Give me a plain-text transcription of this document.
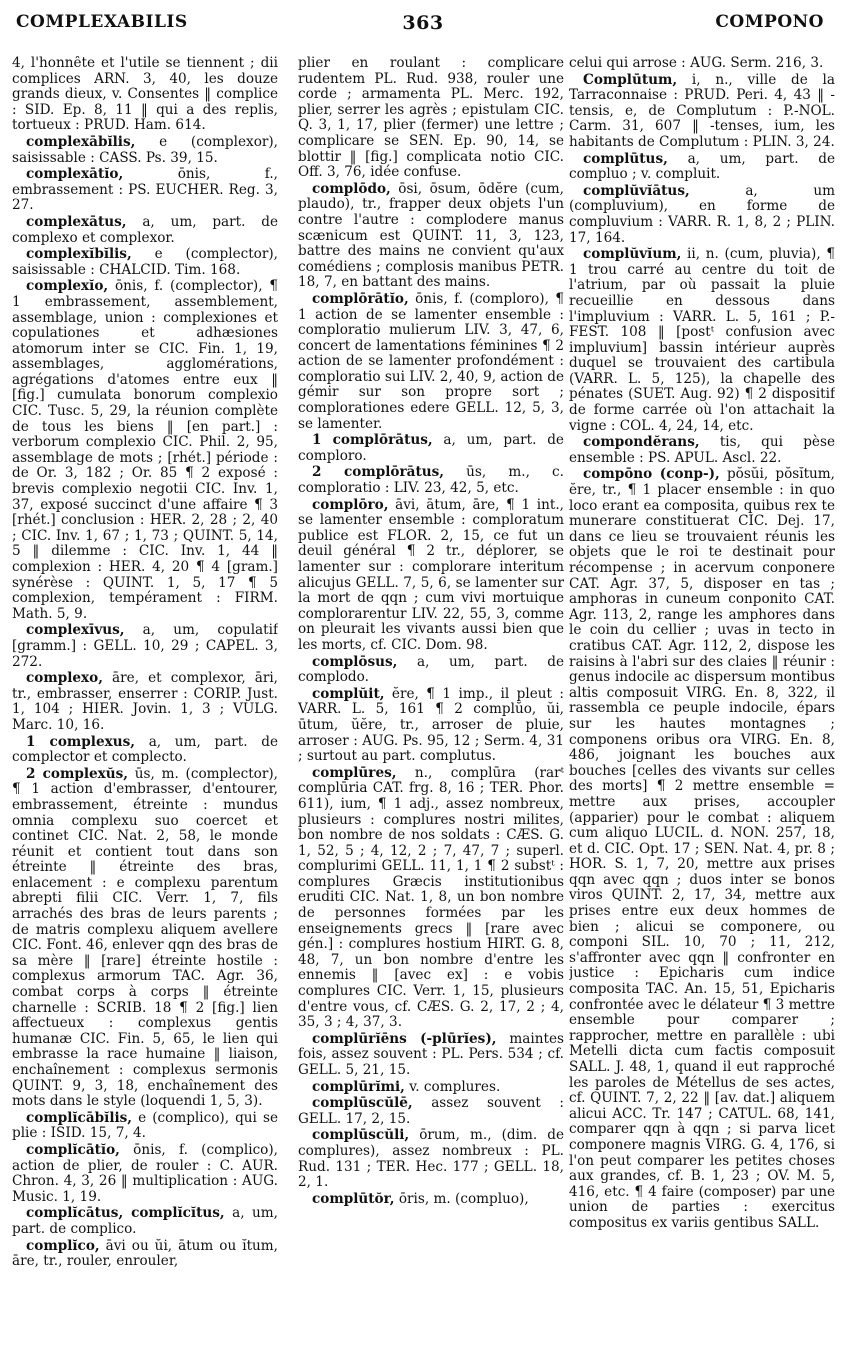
363
COMPLEXABILIS	COMPONO

4, l'honnête et l'utile se tiennent ; dii complices ARN. 3, 40, les douze grands dieux, v. Consentes ‖ complice : SID. Ep. 8, 11 ‖ qui a des replis, tortueux : PRUD. Ham. 614.

complexābĭlis, e (complexor), saisissable : CASS. Ps. 39, 15.

complexātĭo,	ōnis, f., embrassement : PS. EUCHER. Reg. 3, 27.

complexātus, a, um, part. de complexo et complexor.

complexĭbĭlis, e (complector), saisissable : CHALCID. Tim. 168.

complexĭo, ōnis, f. (complector), ¶ 1 embrassement, assemblement, assemblage, union : complexiones et copulationes et adhæsiones atomorum inter se CIC. Fin. 1, 19, assemblages, agglomérations, agrégations d'atomes entre eux ‖ [fig.] cumulata bonorum complexio CIC. Tusc. 5, 29, la réunion complète de tous les biens ‖ [en part.] : verborum complexio CIC. Phil. 2, 95, assemblage de mots ; [rhét.] période : de Or. 3, 182 ; Or. 85 ¶ 2 exposé : brevis complexio negotii CIC. Inv. 1, 37, exposé succinct d'une affaire ¶ 3 [rhét.] conclusion : HER. 2, 28 ; 2, 40 ; CIC. Inv. 1, 67 ; 1, 73 ; QUINT. 5, 14, 5 ‖ dilemme : CIC. Inv. 1, 44 ‖ complexion : HER. 4, 20 ¶ 4 [gram.] synérèse : QUINT. 1, 5, 17 ¶ 5 complexion, tempérament : FIRM. Math. 5, 9.

complexīvus, a, um, copulatif [gramm.] : GELL. 10, 29 ; CAPEL. 3, 272.

complexo, āre, et complexor, āri, tr., embrasser, enserrer : CORIP. Just. 1, 104 ; HIER. Jovin. 1, 3 ; VULG. Marc. 10, 16.

1 complexus, a, um, part. de complector et complecto.

2 complexŭs, ūs, m. (complector), ¶ 1 action d'embrasser, d'entourer, embrassement, étreinte : mundus omnia complexu suo coercet et continet CIC. Nat. 2, 58, le monde réunit et contient tout dans son étreinte ‖ étreinte des bras, enlacement : e complexu parentum abrepti filii CIC. Verr. 1, 7, fils arrachés des bras de leurs parents ; de matris complexu aliquem avellere CIC. Font. 46, enlever qqn des bras de sa mère ‖ [rare] étreinte hostile : complexus armorum TAC. Agr. 36, combat corps à corps ‖ étreinte charnelle : SCRIB. 18 ¶ 2 [fig.] lien affectueux : complexus gentis humanæ CIC. Fin. 5, 65, le lien qui embrasse la race humaine ‖ liaison, enchaînement : complexus sermonis QUINT. 9, 3, 18, enchaînement des mots dans le style (loquendi 1, 5, 3).

complĭcābĭlis, e (complico), qui se plie : ISID. 15, 7, 4.

complĭcātĭo, ōnis, f. (complico), action de plier, de rouler : C. AUR. Chron. 4, 3, 26 ‖ multiplication : AUG. Music. 1, 19.

complĭcātus, complĭcĭtus, a, um, part. de complico.

complĭco, āvi ou ŭi, ātum ou ĭtum, āre, tr., rouler, enrouler,

plier en roulant : complicare rudentem PL. Rud. 938, rouler une corde ; armamenta PL. Merc. 192, plier, serrer les agrès ; epistulam CIC. Q. 3, 1, 17, plier (fermer) une lettre ; complicare se SEN. Ep. 90, 14, se blottir ‖ [fig.] complicata notio CIC. Off. 3, 76, idée confuse.

complōdo, ōsi, ōsum, ōdĕre (cum, plaudo), tr., frapper deux objets l'un contre l'autre : complodere manus scænicum est QUINT. 11, 3, 123, battre des mains ne convient qu'aux comédiens ; complosis manibus PETR. 18, 7, en battant des mains.

complōrātĭo, ōnis, f. (comploro), ¶ 1 action de se lamenter ensemble : comploratio mulierum LIV. 3, 47, 6, concert de lamentations féminines ¶ 2 action de se lamenter profondément : comploratio sui LIV. 2, 40, 9, action de gémir sur son propre sort ; complorationes edere GELL. 12, 5, 3, se lamenter.

1 complōrātus, a, um, part. de comploro.

2 complōrātus, ūs, m., c. comploratio : LIV. 23, 42, 5, etc.

complōro, āvi, ātum, āre, ¶ 1 int., se lamenter ensemble : comploratum publice est FLOR. 2, 15, ce fut un deuil général ¶ 2 tr., déplorer, se lamenter sur : complorare interitum alicujus GELL. 7, 5, 6, se lamenter sur la mort de qqn ; cum vivi mortuique complorarentur LIV. 22, 55, 3, comme on pleurait les vivants aussi bien que les morts, cf. CIC. Dom. 98.

complōsus, a, um, part. de complodo.

complŭit, ĕre, ¶ 1 imp., il pleut : VARR. L. 5, 161 ¶ 2 complŭo, ŭi, ūtum, ŭĕre, tr., arroser de pluie, arroser : AUG. Ps. 95, 12 ; Serm. 4, 31 ; surtout au part. complutus.

complūres, n., complūra (rarᵗ complūria CAT. frg. 8, 16 ; TER. Phor. 611), ium, ¶ 1 adj., assez nombreux, plusieurs : complures nostri milites, bon nombre de nos soldats : CÆS. G. 1, 52, 5 ; 4, 12, 2 ; 7, 47, 7 ; superl. complurimi GELL. 11, 1, 1 ¶ 2 substᵗ : complures Græcis institutionibus eruditi CIC. Nat. 1, 8, un bon nombre de personnes formées par les enseignements grecs ‖ [rare avec gén.] : complures hostium HIRT. G. 8, 48, 7, un bon nombre d'entre les ennemis ‖ [avec ex] : e vobis complures CIC. Verr. 1, 15, plusieurs d'entre vous, cf. CÆS. G. 2, 17, 2 ; 4, 35, 3 ; 4, 37, 3.

complūrĭēns (-plūrĭes), maintes fois, assez souvent : PL. Pers. 534 ; cf. GELL. 5, 21, 15.

complūrĭmi, v. complures.

complūscŭlē, assez souvent : GELL. 17, 2, 15.

complūscŭli, ōrum, m., (dim. de complures), assez nombreux : PL. Rud. 131 ; TER. Hec. 177 ; GELL. 18, 2, 1.

complūtŏr, ōris, m. (compluo),

celui qui arrose : AUG. Serm. 216, 3.

Complūtum, i, n., ville de la Tarraconnaise : PRUD. Peri. 4, 43 ‖ -tensis, e, de Complutum : P.-NOL. Carm. 31, 607 ‖ -tenses, ium, les habitants de Complutum : PLIN. 3, 24.

complūtus, a, um, part. de compluo ; v. compluit.

complŭvĭātus,	a, um (compluvium), en forme de compluvium : VARR. R. 1, 8, 2 ; PLIN. 17, 164.

complŭvĭum, ii, n. (cum, pluvia), ¶ 1 trou carré au centre du toit de l'atrium, par où passait la pluie recueillie en dessous dans l'impluvium : VARR. L. 5, 161 ; P.-FEST. 108 ‖ [postᵗ confusion avec impluvium] bassin intérieur auprès duquel se trouvaient des cartibula (VARR. L. 5, 125), la chapelle des pénates (SUET. Aug. 92) ¶ 2 dispositif de forme carrée où l'on attachait la vigne : COL. 4, 24, 14, etc.

compondĕrans, tis, qui pèse ensemble : PS. APUL. Ascl. 22.

compōno (conp-), pŏsŭi, pŏsĭtum, ĕre, tr., ¶ 1 placer ensemble : in quo loco erant ea composita, quibus rex te munerare constituerat CIC. Dej. 17, dans ce lieu se trouvaient réunis les objets que le roi te destinait pour récompense ; in acervum conponere CAT. Agr. 37, 5, disposer en tas ; amphoras in cuneum conponito CAT. Agr. 113, 2, range les amphores dans le coin du cellier ; uvas in tecto in cratibus CAT. Agr. 112, 2, dispose les raisins à l'abri sur des claies ‖ réunir : genus indocile ac dispersum montibus altis composuit VIRG. En. 8, 322, il rassembla ce peuple indocile, épars sur les hautes montagnes ; componens oribus ora VIRG. En. 8, 486, joignant les bouches aux bouches [celles des vivants sur celles des morts] ¶ 2 mettre ensemble = mettre aux prises, accoupler (apparier) pour le combat : aliquem cum aliquo LUCIL. d. NON. 257, 18, et d. CIC. Opt. 17 ; SEN. Nat. 4, pr. 8 ; HOR. S. 1, 7, 20, mettre aux prises qqn avec qqn ; duos inter se bonos viros QUINT. 2, 17, 34, mettre aux prises entre eux deux hommes de bien ; alicui se componere, ou componi SIL. 10, 70 ; 11, 212, s'affronter avec qqn ‖ confronter en justice : Epicharis cum indice composita TAC. An. 15, 51, Epicharis confrontée avec le délateur ¶ 3 mettre ensemble pour comparer ; rapprocher, mettre en parallèle : ubi Metelli dicta cum factis composuit SALL. J. 48, 1, quand il eut rapproché les paroles de Métellus de ses actes, cf. QUINT. 7, 2, 22 ‖ [av. dat.] aliquem alicui ACC. Tr. 147 ; CATUL. 68, 141, comparer qqn à qqn ; si parva licet componere magnis VIRG. G. 4, 176, si l'on peut comparer les petites choses aux grandes, cf. B. 1, 23 ; OV. M. 5, 416, etc. ¶ 4 faire (composer) par une union de parties : exercitus compositus ex variis gentibus SALL.
